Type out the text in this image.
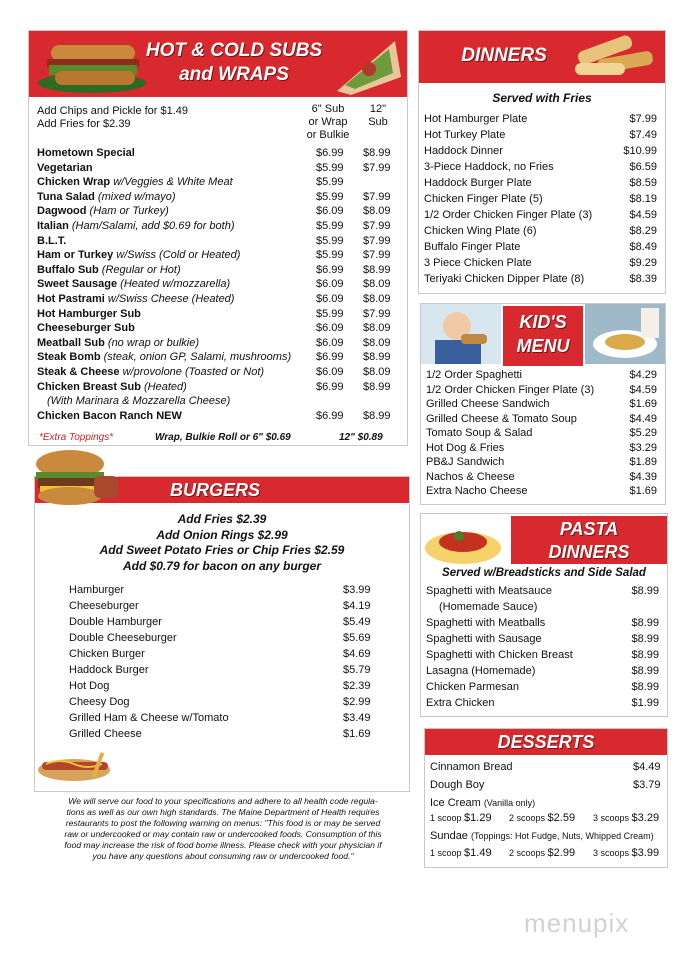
HOT & COLD SUBS
and WRAPS
Add Chips and Pickle for $1.49
Add Fries for $2.39
6" Sub
or Wrap
or Bulkie
12"
Sub
*Extra Toppings*	Wrap, Bulkie Roll or 6" $0.69	12" $0.89
Hometown Special	$6.99 $8.99
Vegetarian	$5.99 $7.99
Chicken Wrap w/Veggies & White Meat	$5.99
Tuna Salad (mixed w/mayo)	$5.99 $7.99
Dagwood (Ham or Turkey)	$6.09 $8.09
Italian (Ham/Salami, add $0.69 for both)	$5.99 $7.99
B.L.T.	$5.99 $7.99
Ham or Turkey w/Swiss (Cold or Heated)	$5.99 $7.99
Buffalo Sub (Regular or Hot)	$6.99 $8.99
Sweet Sausage (Heated w/mozzarella)	$6.09 $8.09
Hot Pastrami w/Swiss Cheese (Heated)	$6.09 $8.09
Hot Hamburger Sub	$5.99 $7.99
Cheeseburger Sub	$6.09 $8.09
Meatball Sub (no wrap or bulkie)	$6.09 $8.09
Steak Bomb (steak, onion GP, Salami, mushrooms) $6.99 $8.99
Steak & Cheese w/provolone (Toasted or Not)	$6.09 $8.09
Chicken Breast Sub (Heated)	$6.99 $8.99
(With Marinara & Mozzarella Cheese)
Chicken Bacon Ranch NEW	$6.99 $8.99
DINNERS
Served with Fries
Hot Hamburger Plate	$7.99
Hot Turkey Plate	$7.49
Haddock Dinner	$10.99
3-Piece Haddock, no Fries	$6.59
Haddock Burger Plate	$8.59
Chicken Finger Plate (5)	$8.19
1/2 Order Chicken Finger Plate (3)	$4.59
Chicken Wing Plate (6)	$8.29
Buffalo Finger Plate	$8.49
3 Piece Chicken Plate	$9.29
Teriyaki Chicken Dipper Plate (8)	$8.39
KID'S
MENU
1/2 Order Spaghetti	$4.29
1/2 Order Chicken Finger Plate (3)	$4.59
Grilled Cheese Sandwich	$1.69
Grilled Cheese & Tomato Soup	$4.49
Tomato Soup & Salad	$5.29
Hot Dog & Fries	$3.29
PB&J Sandwich	$1.89
Nachos & Cheese	$4.39
Extra Nacho Cheese	$1.69
BURGERS
Add Fries $2.39
Add Onion Rings $2.99
Add Sweet Potato Fries or Chip Fries $2.59
Add $0.79 for bacon on any burger
Hamburger	$3.99
Cheeseburger	$4.19
Double Hamburger	$5.49
Double Cheeseburger	$5.69
Chicken Burger	$4.69
Haddock Burger	$5.79
Hot Dog	$2.39
Cheesy Dog	$2.99
Grilled Ham & Cheese w/Tomato	$3.49
Grilled Cheese	$1.69
We will serve our food to your specifications and adhere to all health code regula-
tions as well as our own high standards. The Maine Department of Health requires
restaurants to post the following warning on menus: "This food is or may be served
raw or undercooked or may contain raw or undercooked foods. Consumption of this
food may increase the risk of food borne illness. Please check with your physician if
you have any questions about consuming raw or undercooked food."
PASTA
DINNERS
Served w/Breadsticks and Side Salad
Spaghetti with Meatsauce	$8.99
(Homemade Sauce)
Spaghetti with Meatballs	$8.99
Spaghetti with Sausage	$8.99
Spaghetti with Chicken Breast	$8.99
Lasagna (Homemade)	$8.99
Chicken Parmesan	$8.99
Extra Chicken	$1.99
DESSERTS
Cinnamon Bread	$4.49
Dough Boy	$3.79
Ice Cream (Vanilla only)
1 scoop $1.29 2 scoops $2.59 3 scoops $3.29
Sundae (Toppings: Hot Fudge, Nuts, Whipped Cream)
1 scoop $1.49 2 scoops $2.99 3 scoops $3.99
menupix
